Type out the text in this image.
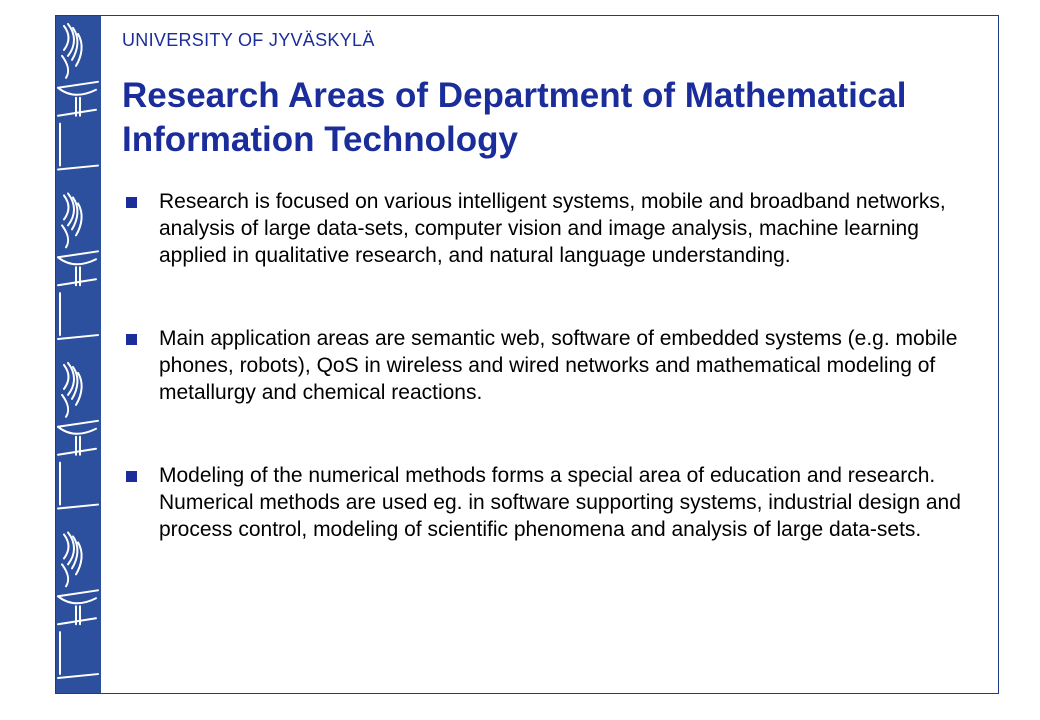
UNIVERSITY OF JYVÄSKYLÄ
Research Areas of Department of Mathematical Information Technology
Research is focused on various intelligent systems, mobile and broadband networks, analysis of large data-sets, computer vision and image analysis, machine learning applied in qualitative research, and natural language understanding.
Main application areas are semantic web, software of embedded systems (e.g. mobile phones, robots), QoS in wireless and wired networks and mathematical modeling of metallurgy and chemical reactions.
Modeling of the numerical methods forms a special area of education and research. Numerical methods are used eg. in software supporting systems, industrial design and process control, modeling of scientific phenomena and analysis of large data-sets.
